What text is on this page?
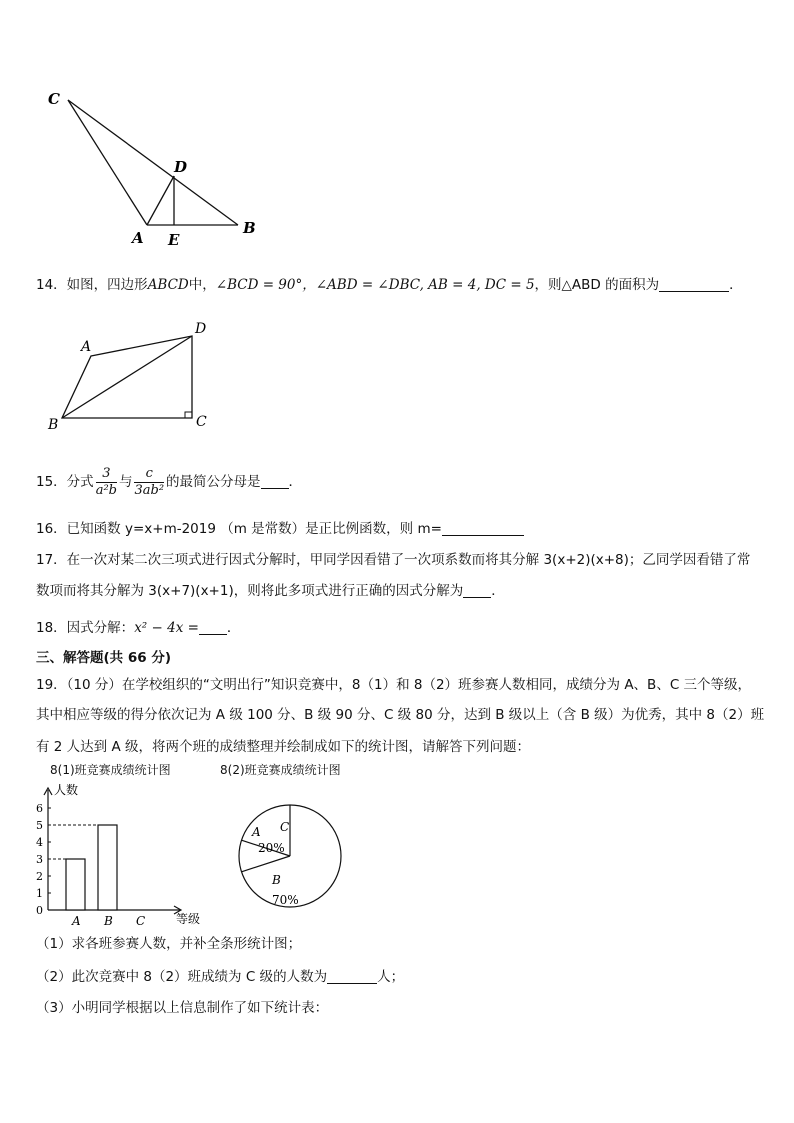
C
D
A E
B
14．如图，四边形ABCD中，∠BCD = 90°，∠ABD = ∠DBC, AB = 4, DC = 5，则△ABD 的面积为	．
A
D
B	C
15．分式 $\frac{3}{\text{a²b}}$ 与 $\frac{c}{\text{3ab²}}$ 的最简公分母是 ．
16．已知函数 y=x+m-2019 （m 是常数）是正比例函数，则 m=
17．在一次对某二次三项式进行因式分解时，甲同学因看错了一次项系数而将其分解 3(x+2)(x+8)；乙同学因看错了常
数项而将其分解为 3(x+7)(x+1)，则将此多项式进行正确的因式分解为 ．
18．因式分解：x² − 4x = ．
三、解答题(共 66 分)
19．（10 分）在学校组织的“文明出行”知识竞赛中，8（1）和 8（2）班参赛人数相同，成绩分为 A、B、C 三个等级，
其中相应等级的得分依次记为 A 级 100 分、B 级 90 分、C 级 80 分，达到 B 级以上（含 B 级）为优秀，其中 8（2）班
有 2 人达到 A 级，将两个班的成绩整理并绘制成如下的统计图，请解答下列问题：
8(1)班竞赛成绩统计图
人数
等级
0
1
2
3
4
5
6
A B C
8(2)班竞赛成绩统计图
A
20%
B
70%
C
（1）求各班参赛人数，并补全条形统计图；
（2）此次竞赛中 8（2）班成绩为 C 级的人数为	人；
（3）小明同学根据以上信息制作了如下统计表：
